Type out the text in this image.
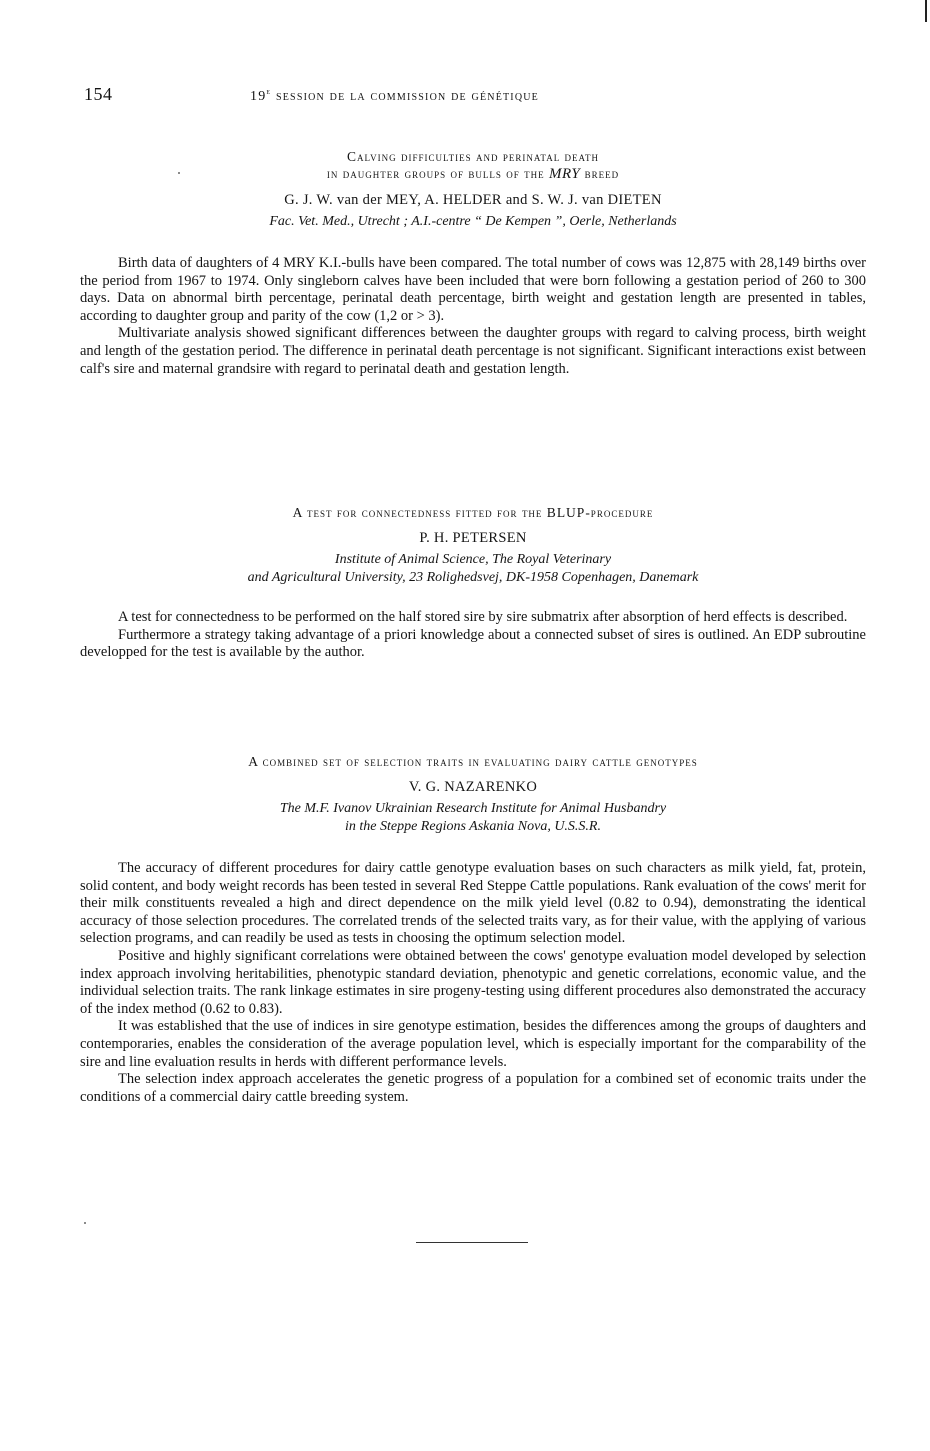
154	19e session de la commission de génétique
Calving difficulties and perinatal death
in daughter groups of bulls of the MRY breed
G. J. W. van der MEY, A. HELDER and S. W. J. van DIETEN
Fac. Vet. Med., Utrecht ; A.I.-centre “ De Kempen ”, Oerle, Netherlands

Birth data of daughters of 4 MRY K.I.-bulls have been compared. The total number of cows was 12,875 with 28,149 births over the period from 1967 to 1974. Only singleborn calves have been included that were born following a gestation period of 260 to 300 days. Data on abnormal birth percentage, perinatal death percentage, birth weight and gestation length are presented in tables, according to daughter group and parity of the cow (1,2 or > 3).

Multivariate analysis showed significant differences between the daughter groups with regard to calving process, birth weight and length of the gestation period. The difference in perinatal death percentage is not significant. Significant interactions exist between calf's sire and maternal grandsire with regard to perinatal death and gestation length.

A test for connectedness fitted for the BLUP-procedure
P. H. PETERSEN
Institute of Animal Science, The Royal Veterinary
and Agricultural University, 23 Rolighedsvej, DK-1958 Copenhagen, Danemark

A test for connectedness to be performed on the half stored sire by sire submatrix after absorption of herd effects is described.

Furthermore a strategy taking advantage of a priori knowledge about a connected subset of sires is outlined. An EDP subroutine developped for the test is available by the author.

A combined set of selection traits in evaluating dairy cattle genotypes
V. G. NAZARENKO
The M.F. Ivanov Ukrainian Research Institute for Animal Husbandry
in the Steppe Regions Askania Nova, U.S.S.R.

The accuracy of different procedures for dairy cattle genotype evaluation bases on such characters as milk yield, fat, protein, solid content, and body weight records has been tested in several Red Steppe Cattle populations. Rank evaluation of the cows' merit for their milk constituents revealed a high and direct dependence on the milk yield level (0.82 to 0.94), demonstrating the identical accuracy of those selection procedures. The correlated trends of the selected traits vary, as for their value, with the applying of various selection programs, and can readily be used as tests in choosing the optimum selection model.

Positive and highly significant correlations were obtained between the cows' genotype evaluation model developed by selection index approach involving heritabilities, phenotypic standard deviation, phenotypic and genetic correlations, economic value, and the individual selection traits. The rank linkage estimates in sire progeny-testing using different procedures also demonstrated the accuracy of the index method (0.62 to 0.83).

It was established that the use of indices in sire genotype estimation, besides the differences among the groups of daughters and contemporaries, enables the consideration of the average population level, which is especially important for the comparability of the sire and line evaluation results in herds with different performance levels.

The selection index approach accelerates the genetic progress of a population for a combined set of economic traits under the conditions of a commercial dairy cattle breeding system.
